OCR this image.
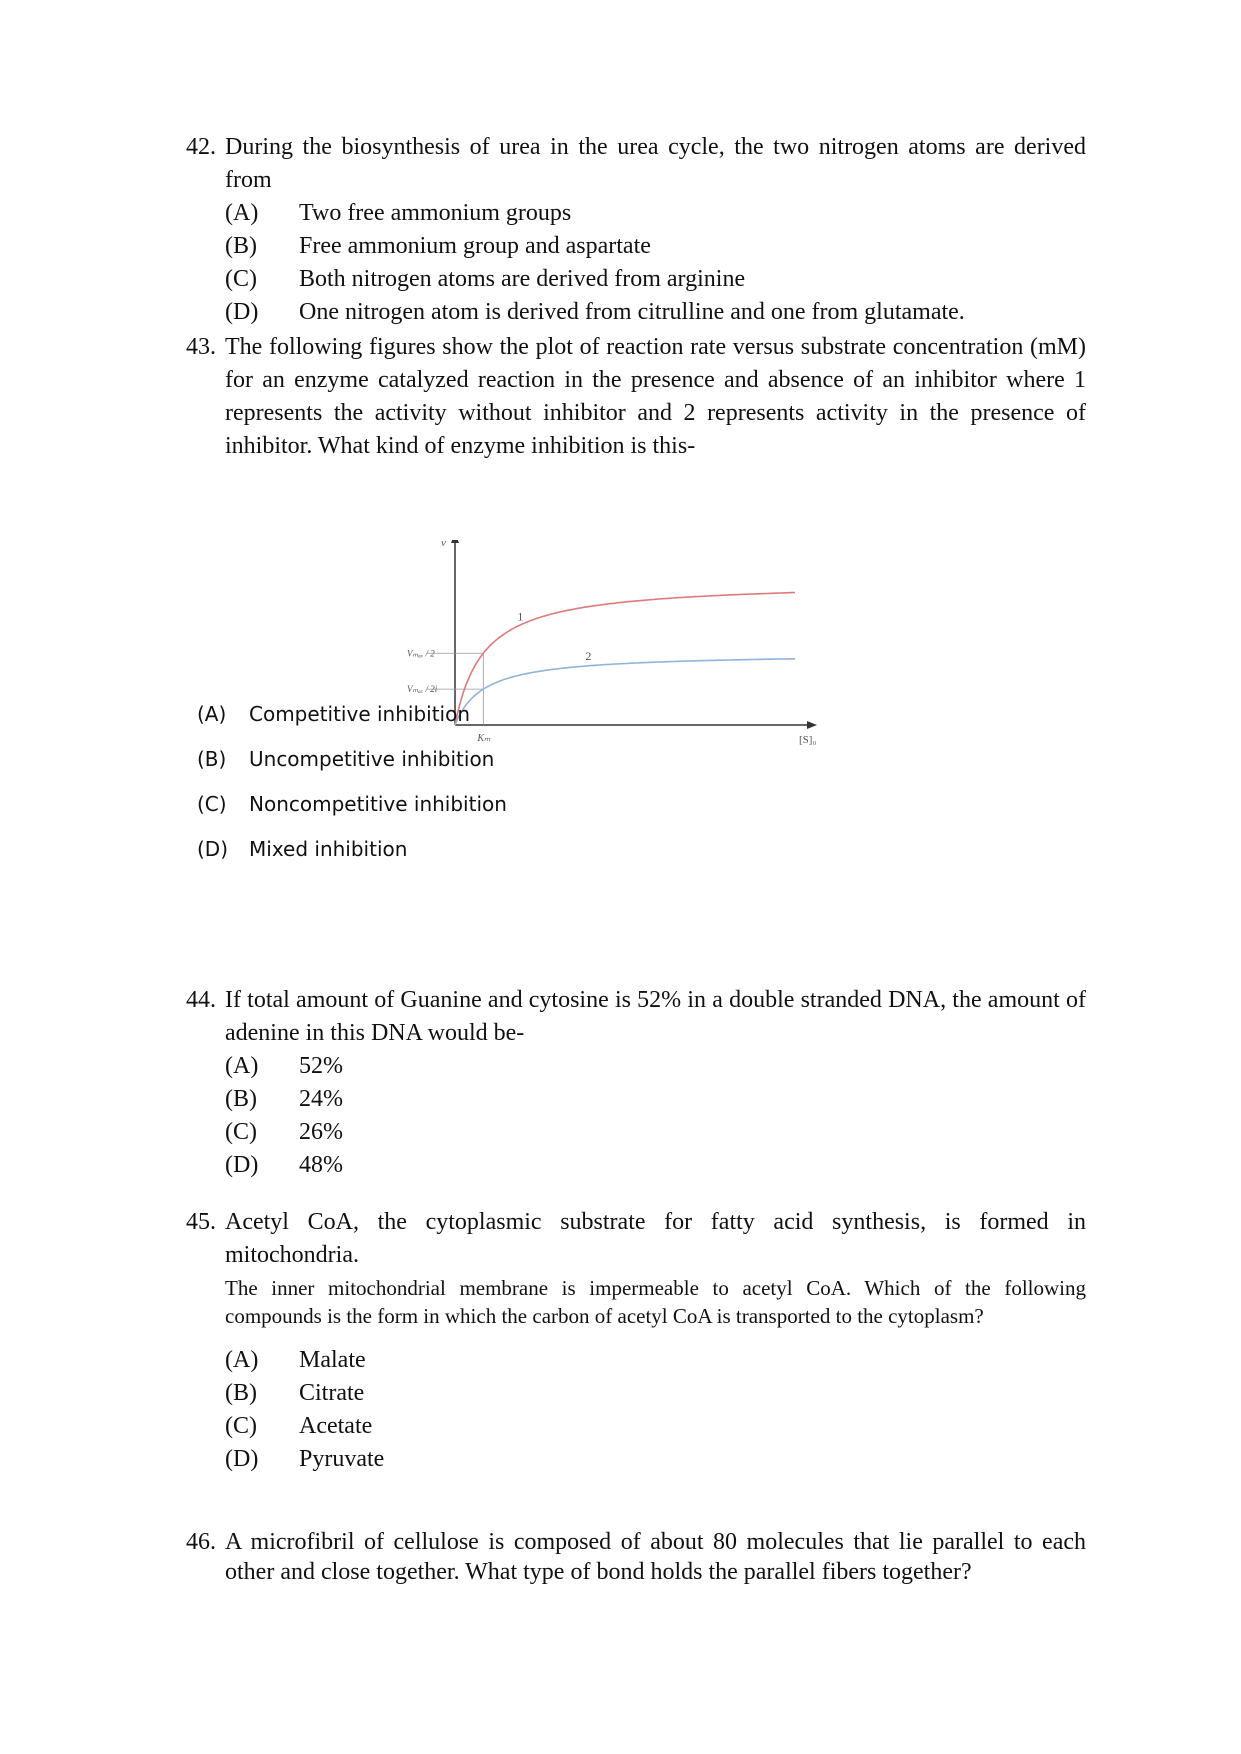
42. During the biosynthesis of urea in the urea cycle, the two nitrogen atoms are derived from
(A)	Two free ammonium groups
(B)	Free ammonium group and aspartate
(C)	Both nitrogen atoms are derived from arginine
(D)	One nitrogen atom is derived from citrulline and one from glutamate.
43. The following figures show the plot of reaction rate versus substrate concentration (mM) for an enzyme catalyzed reaction in the presence and absence of an inhibitor where 1 represents the activity without inhibitor and 2 represents activity in the presence of inhibitor. What kind of enzyme inhibition is this-
1
2
v
[S]₀
Kₘ
Vₘₐₓ / 2
Vₘₐₓ / 2i
(A)	Competitive inhibition
(B)	Uncompetitive inhibition
(C)	Noncompetitive inhibition
(D)	Mixed inhibition
44. If total amount of Guanine and cytosine is 52% in a double stranded DNA, the amount of adenine in this DNA would be-
(A)	52%
(B)	24%
(C)	26%
(D)	48%
45. Acetyl CoA, the cytoplasmic substrate for fatty acid synthesis, is formed in mitochondria.
The inner mitochondrial membrane is impermeable to acetyl CoA. Which of the following compounds is the form in which the carbon of acetyl CoA is transported to the cytoplasm?
(A)	Malate
(B)	Citrate
(C)	Acetate
(D)	Pyruvate
46. A microfibril of cellulose is composed of about 80 molecules that lie parallel to each other and close together. What type of bond holds the parallel fibers together?
